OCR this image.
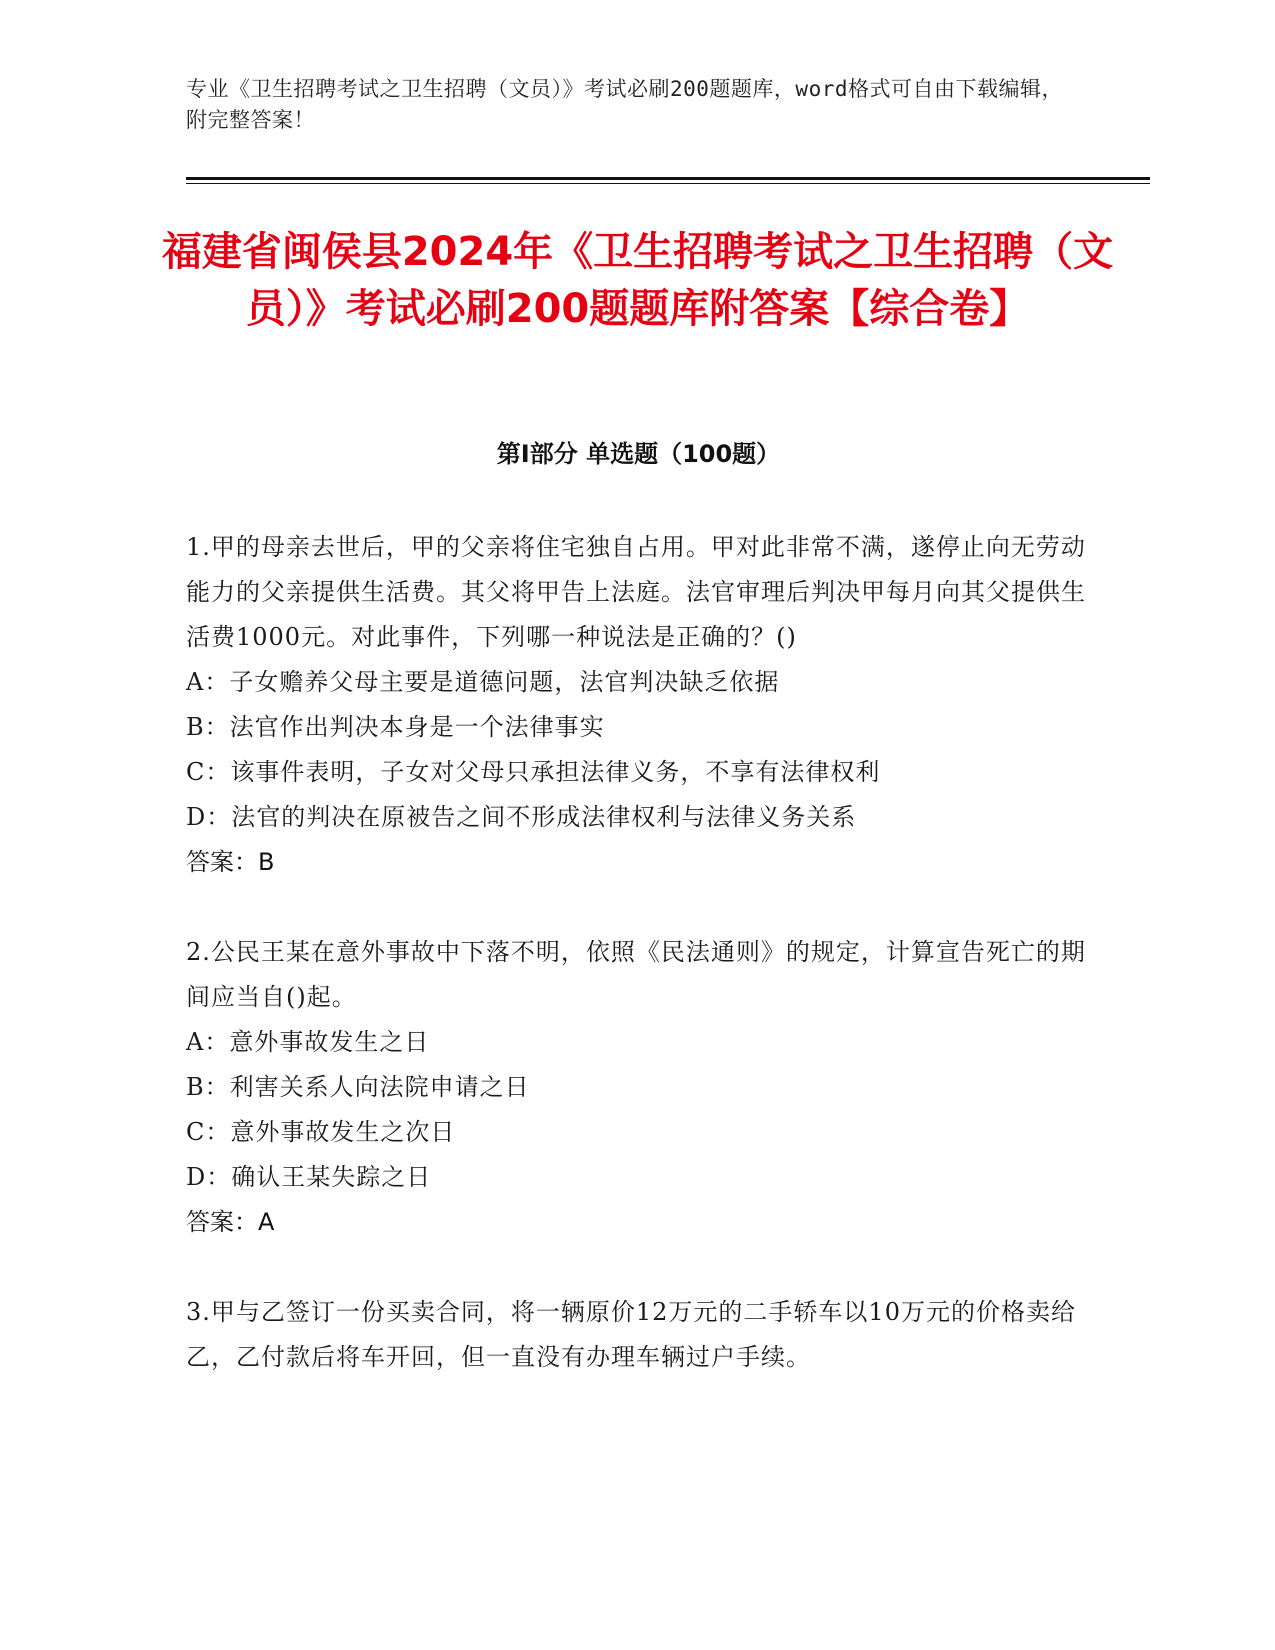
专业《卫生招聘考试之卫生招聘（文员）》考试必刷200题题库，word格式可自由下载编辑，附完整答案！
福建省闽侯县2024年《卫生招聘考试之卫生招聘（文员）》考试必刷200题题库附答案【综合卷】
第Ⅰ部分 单选题（100题）
1.甲的母亲去世后，甲的父亲将住宅独自占用。甲对此非常不满，遂停止向无劳动能力的父亲提供生活费。其父将甲告上法庭。法官审理后判决甲每月向其父提供生活费1000元。对此事件，下列哪一种说法是正确的？()
A：子女赡养父母主要是道德问题，法官判决缺乏依据
B：法官作出判决本身是一个法律事实
C：该事件表明，子女对父母只承担法律义务，不享有法律权利
D：法官的判决在原被告之间不形成法律权利与法律义务关系
答案：B
2.公民王某在意外事故中下落不明，依照《民法通则》的规定，计算宣告死亡的期间应当自()起。
A：意外事故发生之日
B：利害关系人向法院申请之日
C：意外事故发生之次日
D：确认王某失踪之日
答案：A
3.甲与乙签订一份买卖合同，将一辆原价12万元的二手轿车以10万元的价格卖给乙，乙付款后将车开回，但一直没有办理车辆过户手续。
